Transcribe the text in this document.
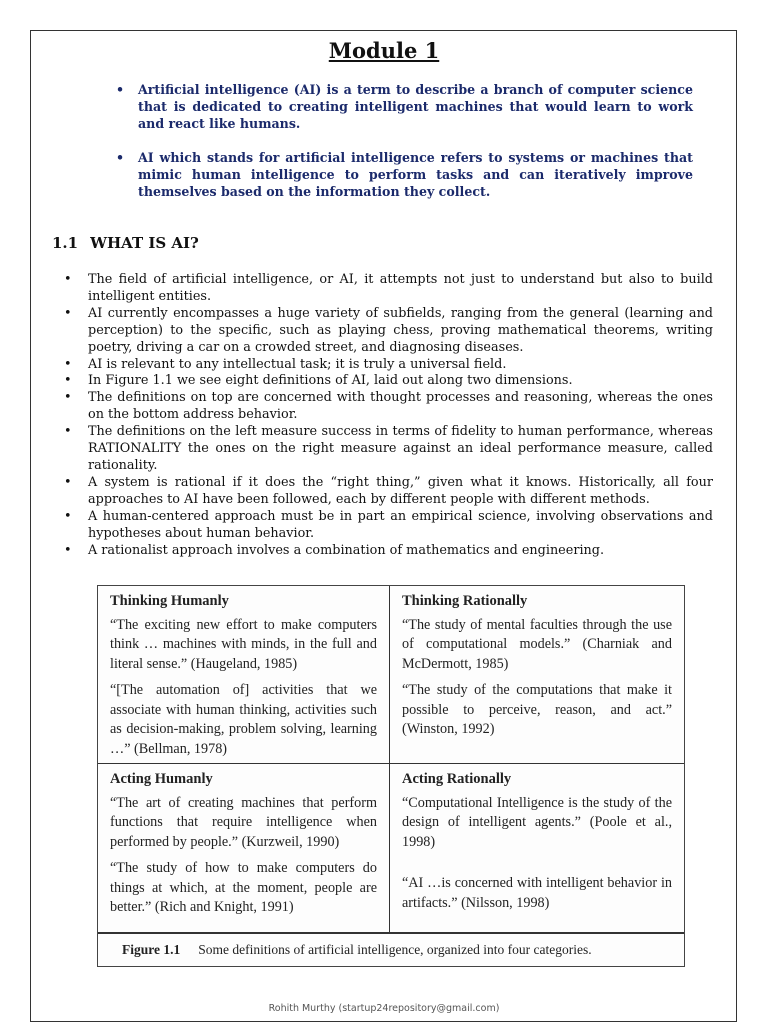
Module 1
• Artificial intelligence (AI) is a term to describe a branch of computer science that is dedicated to creating intelligent machines that would learn to work and react like humans.
• AI which stands for artificial intelligence refers to systems or machines that mimic human intelligence to perform tasks and can iteratively improve themselves based on the information they collect.
1.1 WHAT IS AI?
• The field of artificial intelligence, or AI, it attempts not just to understand but also to build intelligent entities.
• AI currently encompasses a huge variety of subfields, ranging from the general (learning and perception) to the specific, such as playing chess, proving mathematical theorems, writing poetry, driving a car on a crowded street, and diagnosing diseases.
• AI is relevant to any intellectual task; it is truly a universal field.
• In Figure 1.1 we see eight definitions of AI, laid out along two dimensions.
• The definitions on top are concerned with thought processes and reasoning, whereas the ones on the bottom address behavior.
• The definitions on the left measure success in terms of fidelity to human performance, whereas RATIONALITY the ones on the right measure against an ideal performance measure, called rationality.
• A system is rational if it does the “right thing,” given what it knows. Historically, all four approaches to AI have been followed, each by different people with different methods.
• A human-centered approach must be in part an empirical science, involving observations and hypotheses about human behavior.
• A rationalist approach involves a combination of mathematics and engineering.
Thinking Humanly

“The exciting new effort to make computers think … machines with minds, in the full and literal sense.” (Haugeland, 1985)

“[The automation of] activities that we associate with human thinking, activities such as decision-making, problem solving, learning …” (Bellman, 1978)

Thinking Rationally

“The study of mental faculties through the use of computational models.” (Charniak and McDermott, 1985)

“The study of the computations that make it possible to perceive, reason, and act.” (Winston, 1992)

Acting Humanly

“The art of creating machines that perform functions that require intelligence when performed by people.” (Kurzweil, 1990)

“The study of how to make computers do things at which, at the moment, people are better.” (Rich and Knight, 1991)

Acting Rationally

“Computational Intelligence is the study of the design of intelligent agents.” (Poole et al., 1998)

“AI …is concerned with intelligent behavior in artifacts.” (Nilsson, 1998)

Figure 1.1 Some definitions of artificial intelligence, organized into four categories.
Rohith Murthy (startup24repository@gmail.com)
